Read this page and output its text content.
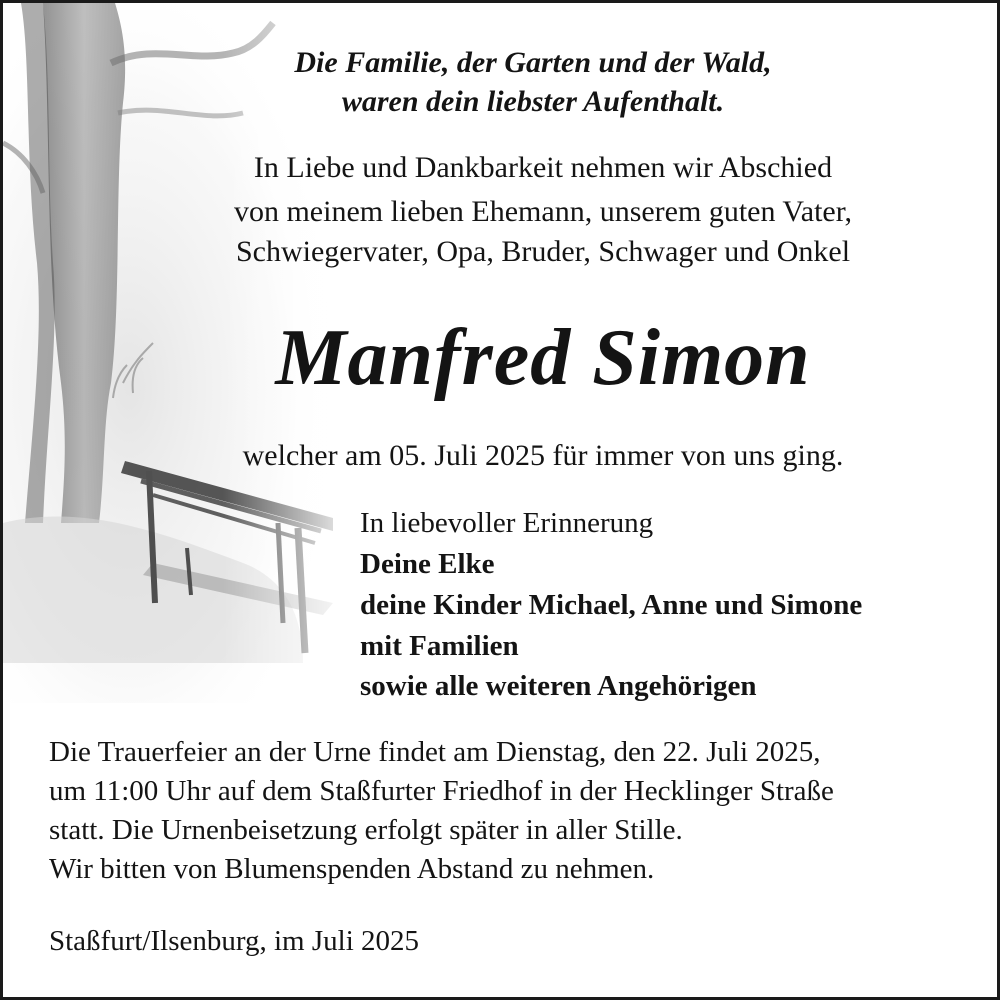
Die Familie, der Garten und der Wald,
waren dein liebster Aufenthalt.
In Liebe und Dankbarkeit nehmen wir Abschied
von meinem lieben Ehemann, unserem guten Vater,
Schwiegervater, Opa, Bruder, Schwager und Onkel
Manfred Simon
welcher am 05. Juli 2025 für immer von uns ging.
In liebevoller Erinnerung
Deine Elke
deine Kinder Michael, Anne und Simone
mit Familien
sowie alle weiteren Angehörigen
Die Trauerfeier an der Urne findet am Dienstag, den 22. Juli 2025,
um 11:00 Uhr auf dem Staßfurter Friedhof in der Hecklinger Straße
statt. Die Urnenbeisetzung erfolgt später in aller Stille.
Wir bitten von Blumenspenden Abstand zu nehmen.
Staßfurt/Ilsenburg, im Juli 2025
